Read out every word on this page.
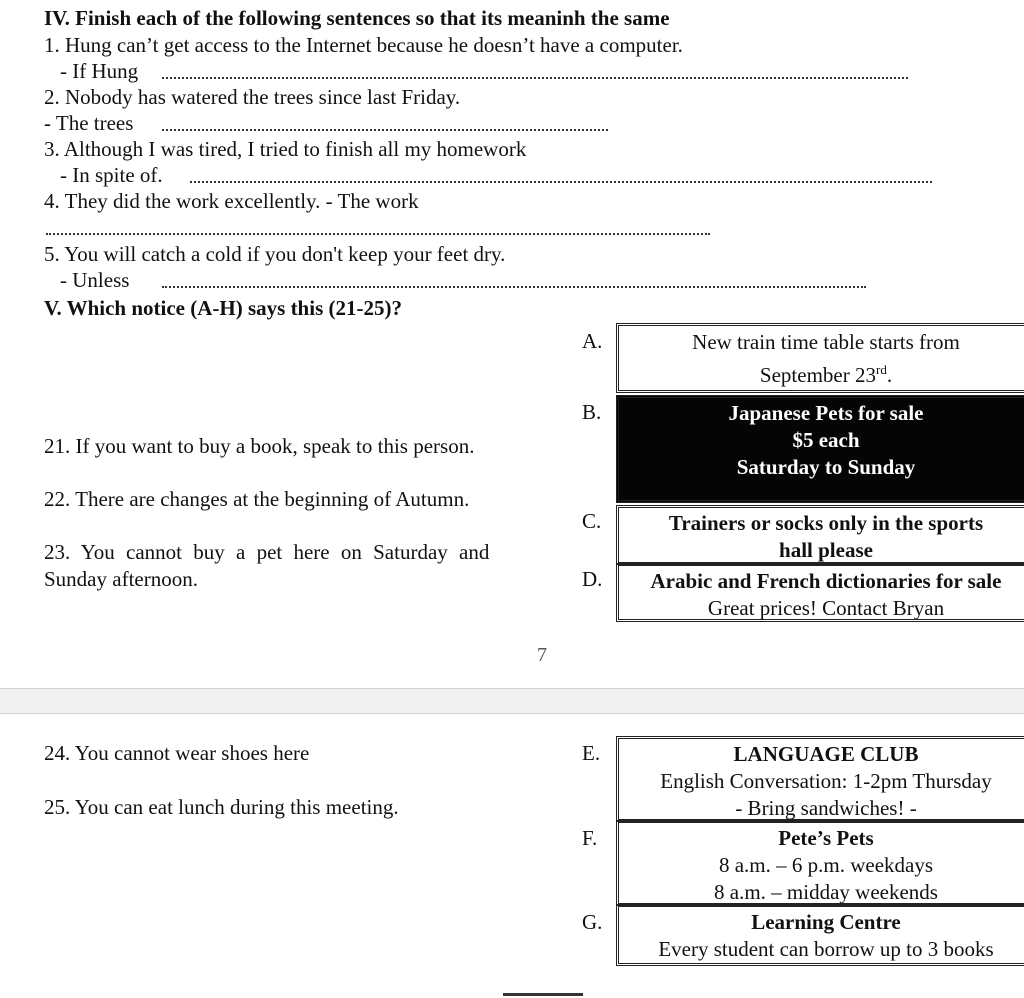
IV. Finish each of the following sentences so that its meaninh the same
1. Hung can’t get access to the Internet because he doesn’t have a computer.
- If Hung
2. Nobody has watered the trees since last Friday.
- The trees
3. Although I was tired, I tried to finish all my homework
- In spite of.
4. They did the work excellently. - The work
5. You will catch a cold if you don't keep your feet dry.
- Unless
V. Which notice (A-H) says this (21-25)?
21. If you want to buy a book, speak to this person.
22. There are changes at the beginning of Autumn.
23. You cannot buy a pet here on Saturday and
Sunday afternoon.
A.	New train time table starts from
September 23rd.
B.	Japanese Pets for sale
$5 each
Saturday to Sunday
C.	Trainers or socks only in the sports
hall please
D.	Arabic and French dictionaries for sale
Great prices! Contact Bryan
7
24. You cannot wear shoes here
25. You can eat lunch during this meeting.
E.	LANGUAGE CLUB
English Conversation: 1-2pm Thursday
- Bring sandwiches! -
F.	Pete’s Pets
8 a.m. – 6 p.m. weekdays
8 a.m. – midday weekends
G.	Learning Centre
Every student can borrow up to 3 books
